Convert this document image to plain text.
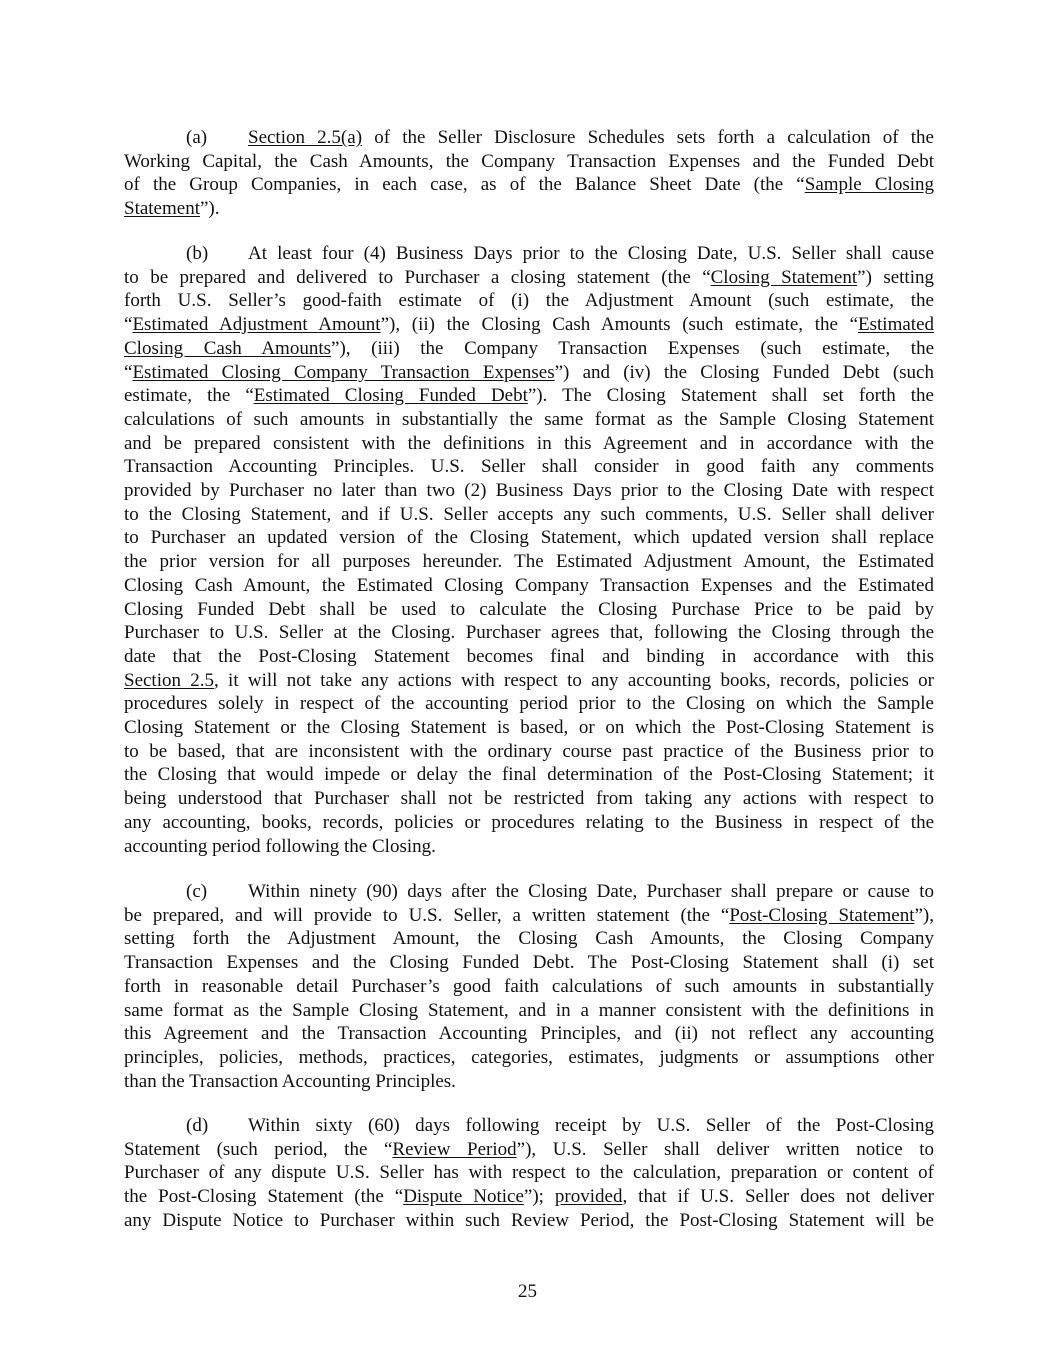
(a) Section 2.5(a) of the Seller Disclosure Schedules sets forth a calculation of the
Working Capital, the Cash Amounts, the Company Transaction Expenses and the Funded Debt
of the Group Companies, in each case, as of the Balance Sheet Date (the “Sample Closing
Statement”).
(b) At least four (4) Business Days prior to the Closing Date, U.S. Seller shall cause
to be prepared and delivered to Purchaser a closing statement (the “Closing Statement”) setting
forth U.S. Seller’s good-faith estimate of (i) the Adjustment Amount (such estimate, the
“Estimated Adjustment Amount”), (ii) the Closing Cash Amounts (such estimate, the “Estimated
Closing Cash Amounts”), (iii) the Company Transaction Expenses (such estimate, the
“Estimated Closing Company Transaction Expenses”) and (iv) the Closing Funded Debt (such
estimate, the “Estimated Closing Funded Debt”). The Closing Statement shall set forth the
calculations of such amounts in substantially the same format as the Sample Closing Statement
and be prepared consistent with the definitions in this Agreement and in accordance with the
Transaction Accounting Principles. U.S. Seller shall consider in good faith any comments
provided by Purchaser no later than two (2) Business Days prior to the Closing Date with respect
to the Closing Statement, and if U.S. Seller accepts any such comments, U.S. Seller shall deliver
to Purchaser an updated version of the Closing Statement, which updated version shall replace
the prior version for all purposes hereunder. The Estimated Adjustment Amount, the Estimated
Closing Cash Amount, the Estimated Closing Company Transaction Expenses and the Estimated
Closing Funded Debt shall be used to calculate the Closing Purchase Price to be paid by
Purchaser to U.S. Seller at the Closing. Purchaser agrees that, following the Closing through the
date that the Post-Closing Statement becomes final and binding in accordance with this
Section 2.5, it will not take any actions with respect to any accounting books, records, policies or
procedures solely in respect of the accounting period prior to the Closing on which the Sample
Closing Statement or the Closing Statement is based, or on which the Post-Closing Statement is
to be based, that are inconsistent with the ordinary course past practice of the Business prior to
the Closing that would impede or delay the final determination of the Post-Closing Statement; it
being understood that Purchaser shall not be restricted from taking any actions with respect to
any accounting, books, records, policies or procedures relating to the Business in respect of the
accounting period following the Closing.
(c) Within ninety (90) days after the Closing Date, Purchaser shall prepare or cause to
be prepared, and will provide to U.S. Seller, a written statement (the “Post-Closing Statement”),
setting forth the Adjustment Amount, the Closing Cash Amounts, the Closing Company
Transaction Expenses and the Closing Funded Debt. The Post-Closing Statement shall (i) set
forth in reasonable detail Purchaser’s good faith calculations of such amounts in substantially
same format as the Sample Closing Statement, and in a manner consistent with the definitions in
this Agreement and the Transaction Accounting Principles, and (ii) not reflect any accounting
principles, policies, methods, practices, categories, estimates, judgments or assumptions other
than the Transaction Accounting Principles.
(d) Within sixty (60) days following receipt by U.S. Seller of the Post-Closing
Statement (such period, the “Review Period”), U.S. Seller shall deliver written notice to
Purchaser of any dispute U.S. Seller has with respect to the calculation, preparation or content of
the Post-Closing Statement (the “Dispute Notice”); provided, that if U.S. Seller does not deliver
any Dispute Notice to Purchaser within such Review Period, the Post-Closing Statement will be
25
